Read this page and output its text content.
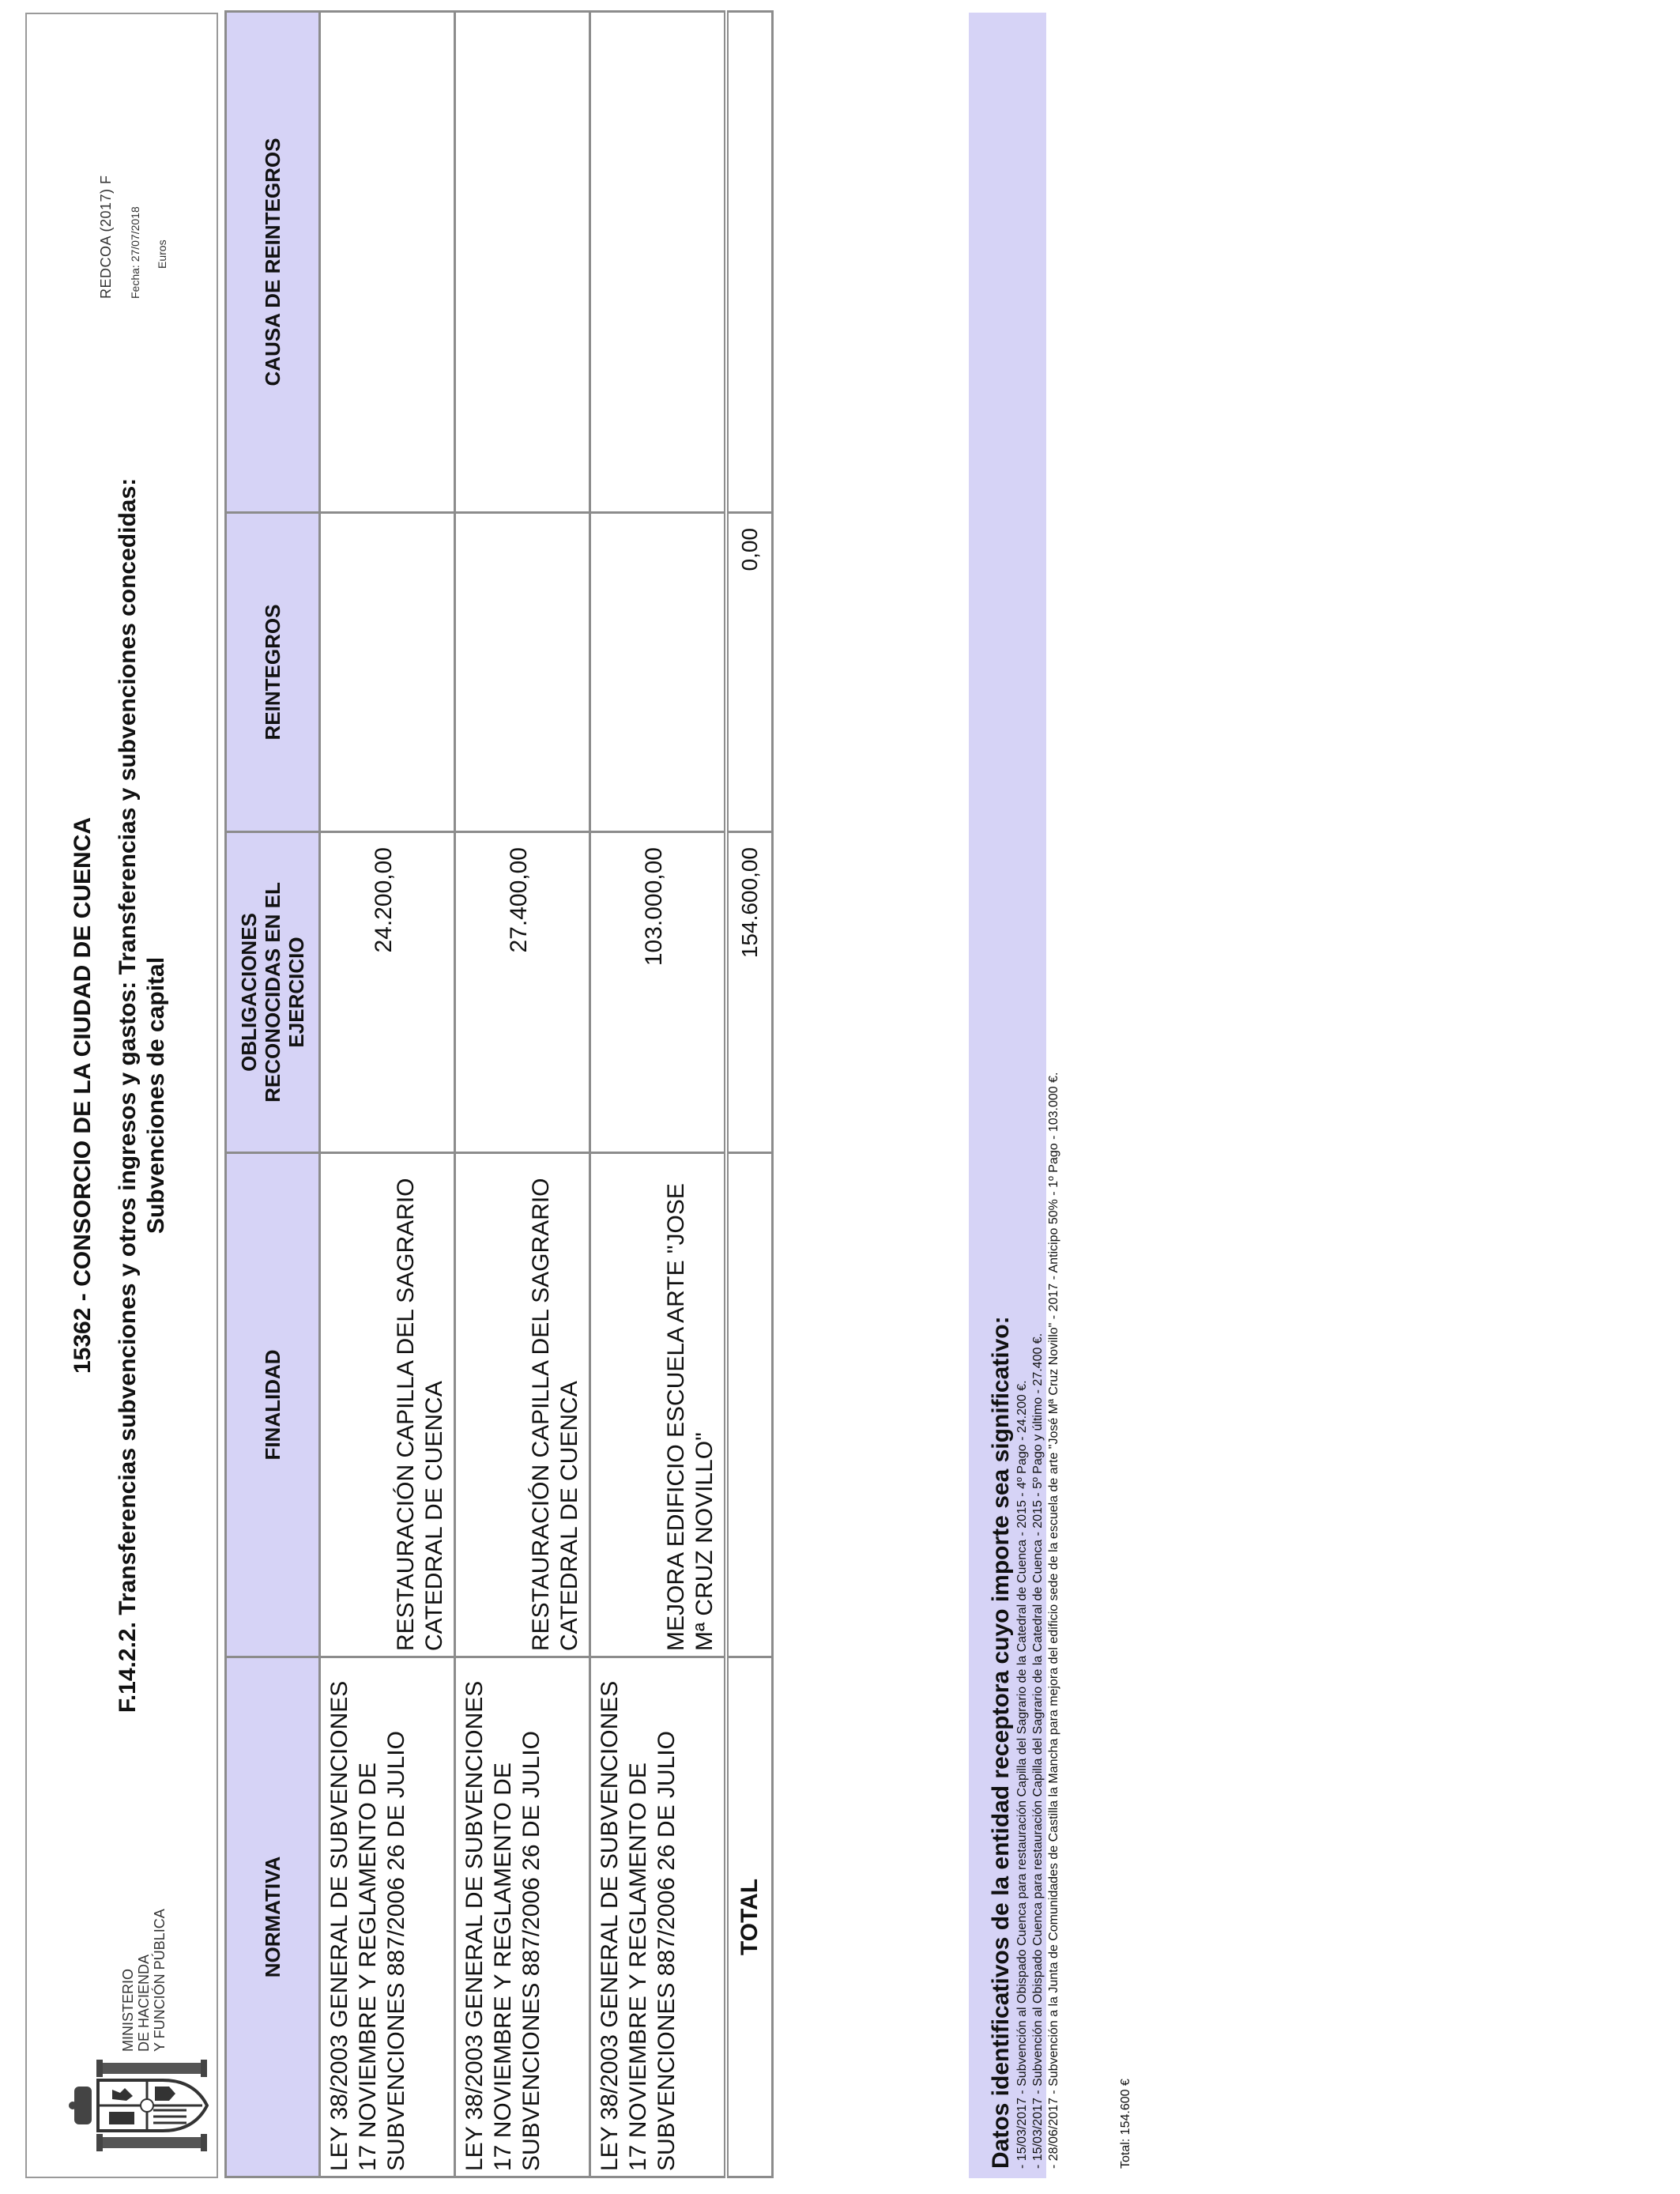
MINISTERIO DE HACIENDA Y FUNCIÓN PÚBLICA
15362 - CONSORCIO DE LA CIUDAD DE CUENCA F.14.2.2. Transferencias subvenciones y otros ingresos y gastos: Transferencias y subvenciones concedidas: Subvenciones de capital
REDCOA (2017) F Fecha: 27/07/2018 Euros
NORMATIVA	FINALIDAD	OBLIGACIONES RECONOCIDAS EN EL EJERCICIO	REINTEGROS	CAUSA DE REINTEGROS
LEY 38/2003 GENERAL DE SUBVENCIONES 17 NOVIEMBRE Y REGLAMENTO DE SUBVENCIONES 887/2006 26 DE JULIO	RESTAURACIÓN CAPILLA DEL SAGRARIO CATEDRAL DE CUENCA	24.200,00		
LEY 38/2003 GENERAL DE SUBVENCIONES 17 NOVIEMBRE Y REGLAMENTO DE SUBVENCIONES 887/2006 26 DE JULIO	RESTAURACIÓN CAPILLA DEL SAGRARIO CATEDRAL DE CUENCA	27.400,00		
LEY 38/2003 GENERAL DE SUBVENCIONES 17 NOVIEMBRE Y REGLAMENTO DE SUBVENCIONES 887/2006 26 DE JULIO	MEJORA EDIFICIO ESCUELA ARTE "JOSE Mª CRUZ NOVILLO"	103.000,00		
TOTAL		154.600,00	0,00	
Datos identificativos de la entidad receptora cuyo importe sea significativo: - 15/03/2017 - Subvención al Obispado Cuenca para restauración Capilla del Sagrario de la Catedral de Cuenca - 2015 - 4º Pago - 24.200 €. - 15/03/2017 - Subvención al Obispado Cuenca para restauración Capilla del Sagrario de la Catedral de Cuenca - 2015 - 5º Pago y último - 27.400 €. - 28/06/2017 - Subvención a la Junta de Comunidades de Castilla la Mancha para mejora del edificio sede de la escuela de arte "José Mª Cruz Novillo" - 2017 - Anticipo 50% - 1º Pago - 103.000 €.	Total: 154.600 €
